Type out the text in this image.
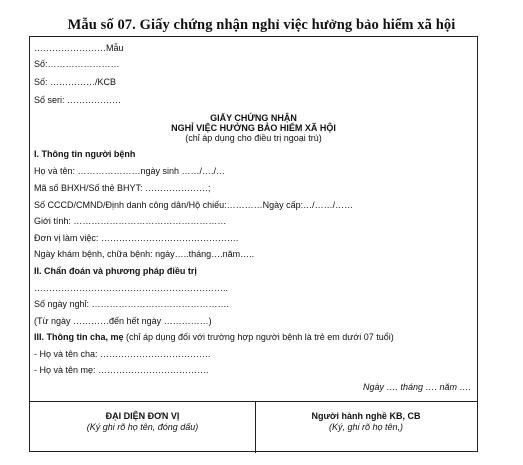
Mẫu số 07. Giấy chứng nhận nghỉ việc hưởng bảo hiểm xã hội
……………………Mẫu
Số:……………………
Số: ……………/KCB
Số seri: ………………
GIẤY CHỨNG NHẬN
NGHỈ VIỆC HƯỞNG BẢO HIỂM XÃ HỘI
(chỉ áp dụng cho điều trị ngoại trú)
I. Thông tin người bệnh
Họ và tên: …………………ngày sinh ……/…./…
Mã số BHXH/Số thẻ BHYT: …………………;
Số CCCD/CMND/Định danh công dân/Hộ chiếu:…………Ngày cấp:…/……/……
Giới tính: ……………………………………………
Đơn vị làm việc: ……………………………………….
Ngày khám bệnh, chữa bệnh: ngày…..tháng….năm…..
II. Chẩn đoán và phương pháp điều trị
………………………………………………………..
Số ngày nghỉ: ……………………………………….
(Từ ngày …………đến hết ngày ……………)
III. Thông tin cha, mẹ (chỉ áp dụng đối với trường hợp người bệnh là trẻ em dưới 07 tuổi)
- Họ và tên cha: ……………………………….
- Họ và tên mẹ: ……………………………….
Ngày …. tháng …. năm ….
ĐẠI DIỆN ĐƠN VỊ
(Ký ghi rõ họ tên, đóng dấu)
Người hành nghề KB, CB
(Ký, ghi rõ họ tên,)
